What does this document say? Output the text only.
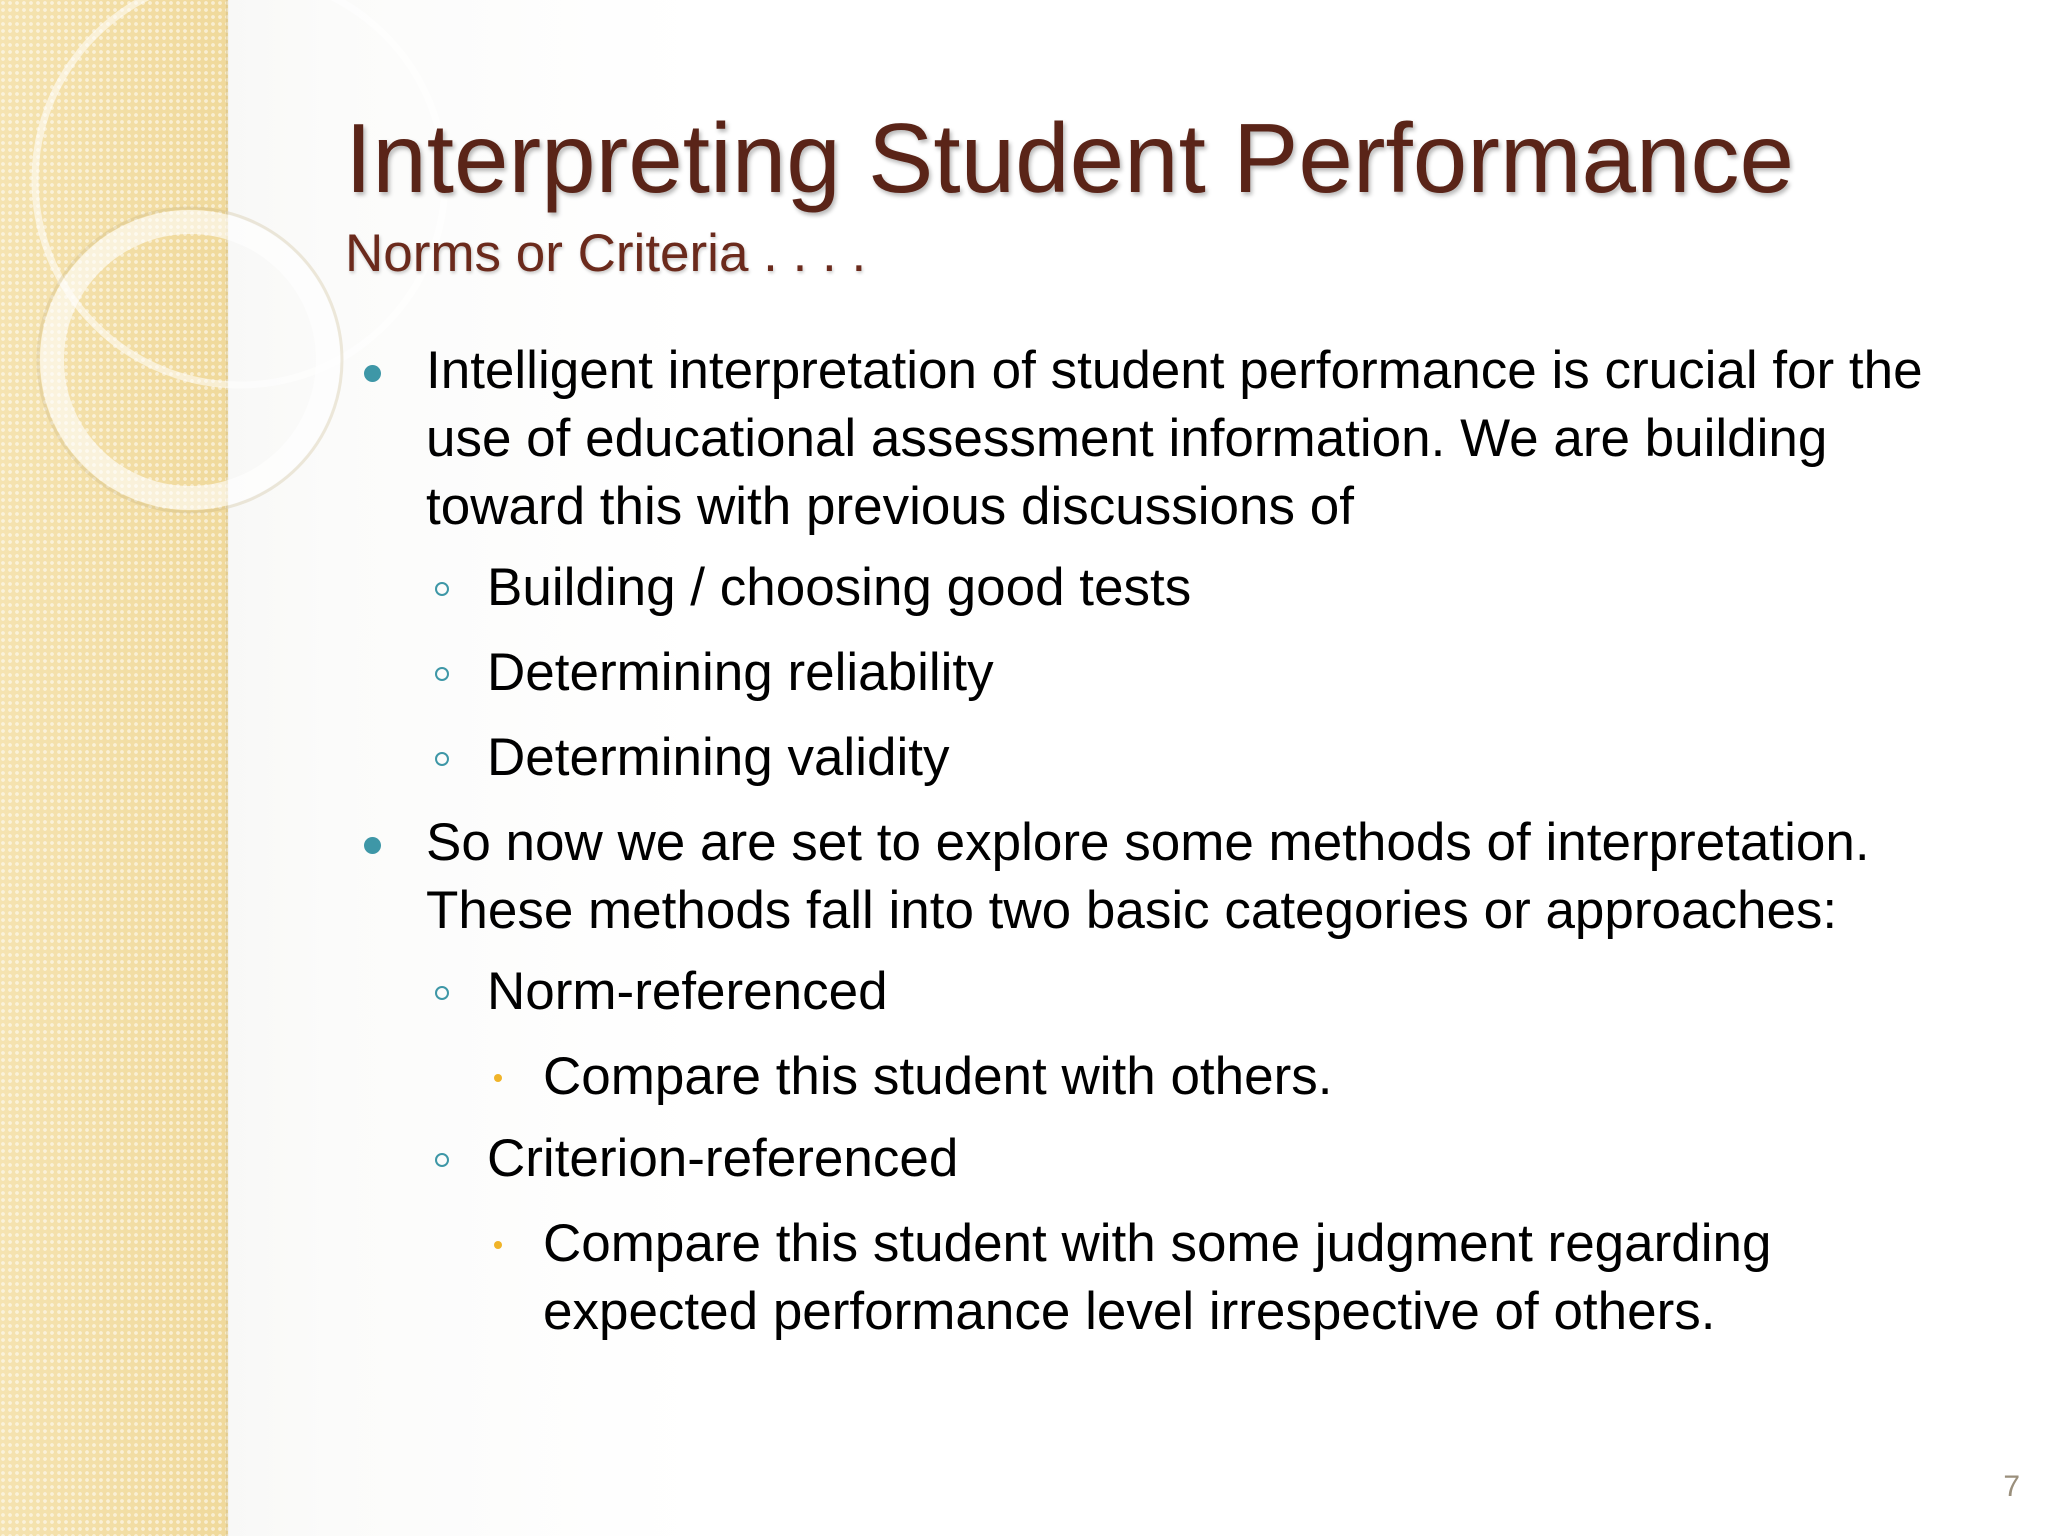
Interpreting Student Performance
Norms or Criteria . . . .
Intelligent interpretation of student performance is crucial for the use of educational assessment information. We are building toward this with previous discussions of
Building / choosing good tests
Determining reliability
Determining validity
So now we are set to explore some methods of interpretation. These methods fall into two basic categories or approaches:
Norm-referenced
Compare this student with others.
Criterion-referenced
Compare this student with some judgment regarding expected performance level irrespective of others.
7
